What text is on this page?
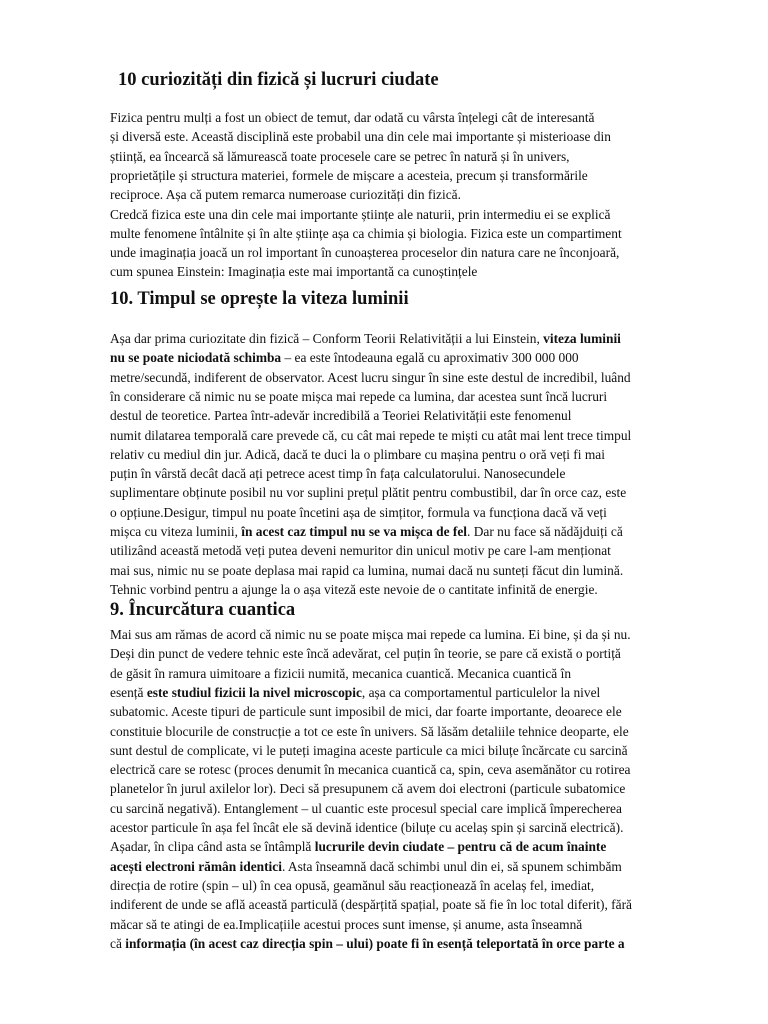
10 curiozități din fizică și lucruri ciudate
Fizica pentru mulți a fost un obiect de temut, dar odată cu vârsta înțelegi cât de interesantă
și diversă este. Această disciplină este probabil una din cele mai importante și misterioase din
știință, ea încearcă să lămurească toate procesele care se petrec în natură și în univers,
proprietățile și structura materiei, formele de mișcare a acesteia, precum și transformările
reciproce. Așa că putem remarca numeroase curiozități din fizică.
Credcă fizica este una din cele mai importante științe ale naturii, prin intermediu ei se explică
multe fenomene întâlnite și în alte științe așa ca chimia și biologia. Fizica este un compartiment
unde imaginația joacă un rol important în cunoașterea proceselor din natura care ne înconjoară,
cum spunea Einstein: Imaginația este mai importantă ca cunoștințele
10. Timpul se oprește la viteza luminii
Așa dar prima curiozitate din fizică – Conform Teorii Relativității a lui Einstein, viteza luminii
nu se poate niciodată schimba – ea este întodeauna egală cu aproximativ 300 000 000
metre/secundă, indiferent de observator. Acest lucru singur în sine este destul de incredibil, luând
în considerare că nimic nu se poate mișca mai repede ca lumina, dar acestea sunt încă lucruri
destul de teoretice. Partea într-adevăr incredibilă a Teoriei Relativității este fenomenul
numit dilatarea temporală care prevede că, cu cât mai repede te miști cu atât mai lent trece timpul
relativ cu mediul din jur. Adică, dacă te duci la o plimbare cu mașina pentru o oră veți fi mai
puțin în vârstă decât dacă ați petrece acest timp în fața calculatorului. Nanosecundele
suplimentare obținute posibil nu vor suplini prețul plătit pentru combustibil, dar în orce caz, este
o opțiune.Desigur, timpul nu poate încetini așa de simțitor, formula va funcționa dacă vă veți
mișca cu viteza luminii, în acest caz timpul nu se va mișca de fel. Dar nu face să nădăjduiți că
utilizând această metodă veți putea deveni nemuritor din unicul motiv pe care l-am menționat
mai sus, nimic nu se poate deplasa mai rapid ca lumina, numai dacă nu sunteți făcut din lumină.
Tehnic vorbind pentru a ajunge la o așa viteză este nevoie de o cantitate infinită de energie.
9. Încurcătura cuantica
Mai sus am rămas de acord că nimic nu se poate mișca mai repede ca lumina. Ei bine, și da și nu.
Deși din punct de vedere tehnic este încă adevărat, cel puțin în teorie, se pare că există o portiță
de găsit în ramura uimitoare a fizicii numită, mecanica cuantică. Mecanica cuantică în
esență este studiul fizicii la nivel microscopic, așa ca comportamentul particulelor la nivel
subatomic. Aceste tipuri de particule sunt imposibil de mici, dar foarte importante, deoarece ele
constituie blocurile de construcție a tot ce este în univers. Să lăsăm detaliile tehnice deoparte, ele
sunt destul de complicate, vi le puteți imagina aceste particule ca mici biluțe încărcate cu sarcină
electrică care se rotesc (proces denumit în mecanica cuantică ca, spin, ceva asemănător cu rotirea
planetelor în jurul axilelor lor). Deci să presupunem că avem doi electroni (particule subatomice
cu sarcină negativă). Entanglement – ul cuantic este procesul special care implică împerecherea
acestor particule în așa fel încât ele să devină identice (biluțe cu acelaș spin și sarcină electrică).
Așadar, în clipa când asta se întâmplă lucrurile devin ciudate – pentru că de acum înainte
acești electroni rămân identici. Asta înseamnă dacă schimbi unul din ei, să spunem schimbăm
direcția de rotire (spin – ul) în cea opusă, geamănul său reacționează în acelaș fel, imediat,
indiferent de unde se află această particulă (despărțită spațial, poate să fie în loc total diferit), fără
măcar să te atingi de ea.Implicațiile acestui proces sunt imense, și anume, asta înseamnă
că informația (în acest caz direcția spin – ului) poate fi în esență teleportată în orce parte a
